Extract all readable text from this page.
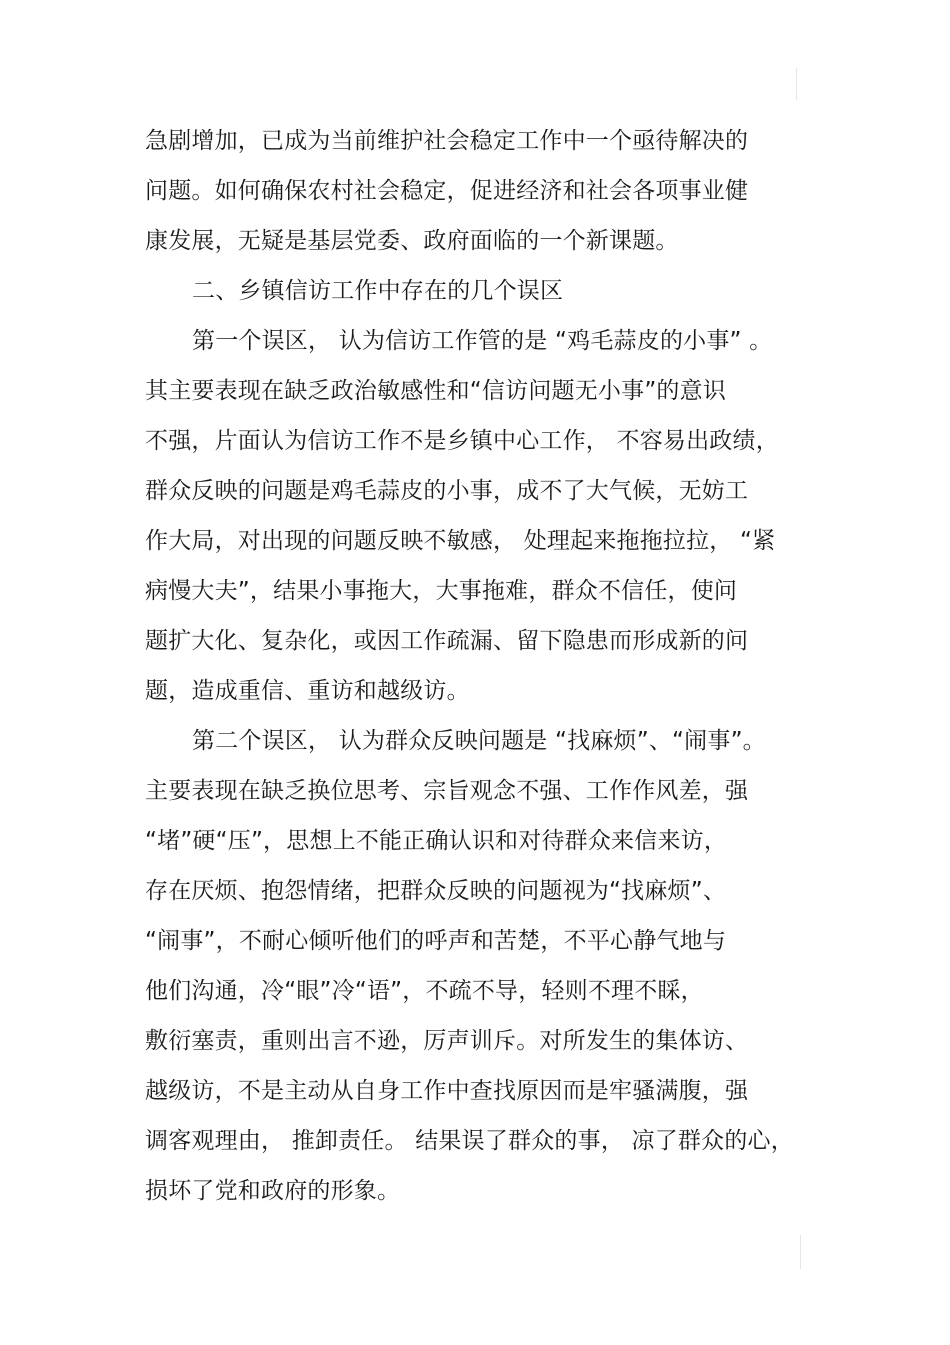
急剧增加，已成为当前维护社会稳定工作中一个亟待解决的
问题。如何确保农村社会稳定，促进经济和社会各项事业健
康发展，无疑是基层党委、政府面临的一个新课题。
二、乡镇信访工作中存在的几个误区
第一个误区， 认为信访工作管的是 “鸡毛蒜皮的小事” 。
其主要表现在缺乏政治敏感性和“信访问题无小事”的意识
不强，片面认为信访工作不是乡镇中心工作， 不容易出政绩，
群众反映的问题是鸡毛蒜皮的小事，成不了大气候，无妨工
作大局，对出现的问题反映不敏感， 处理起来拖拖拉拉， “紧
病慢大夫”，结果小事拖大，大事拖难，群众不信任，使问
题扩大化、复杂化，或因工作疏漏、留下隐患而形成新的问
题，造成重信、重访和越级访。
第二个误区， 认为群众反映问题是 “找麻烦”、“闹事”。
主要表现在缺乏换位思考、宗旨观念不强、工作作风差，强
“堵”硬“压”，思想上不能正确认识和对待群众来信来访，
存在厌烦、抱怨情绪，把群众反映的问题视为“找麻烦”、
“闹事”，不耐心倾听他们的呼声和苦楚，不平心静气地与
他们沟通，冷“眼”冷“语”，不疏不导，轻则不理不睬，
敷衍塞责，重则出言不逊，厉声训斥。对所发生的集体访、
越级访，不是主动从自身工作中查找原因而是牢骚满腹，强
调客观理由， 推卸责任。 结果误了群众的事， 凉了群众的心，
损坏了党和政府的形象。
